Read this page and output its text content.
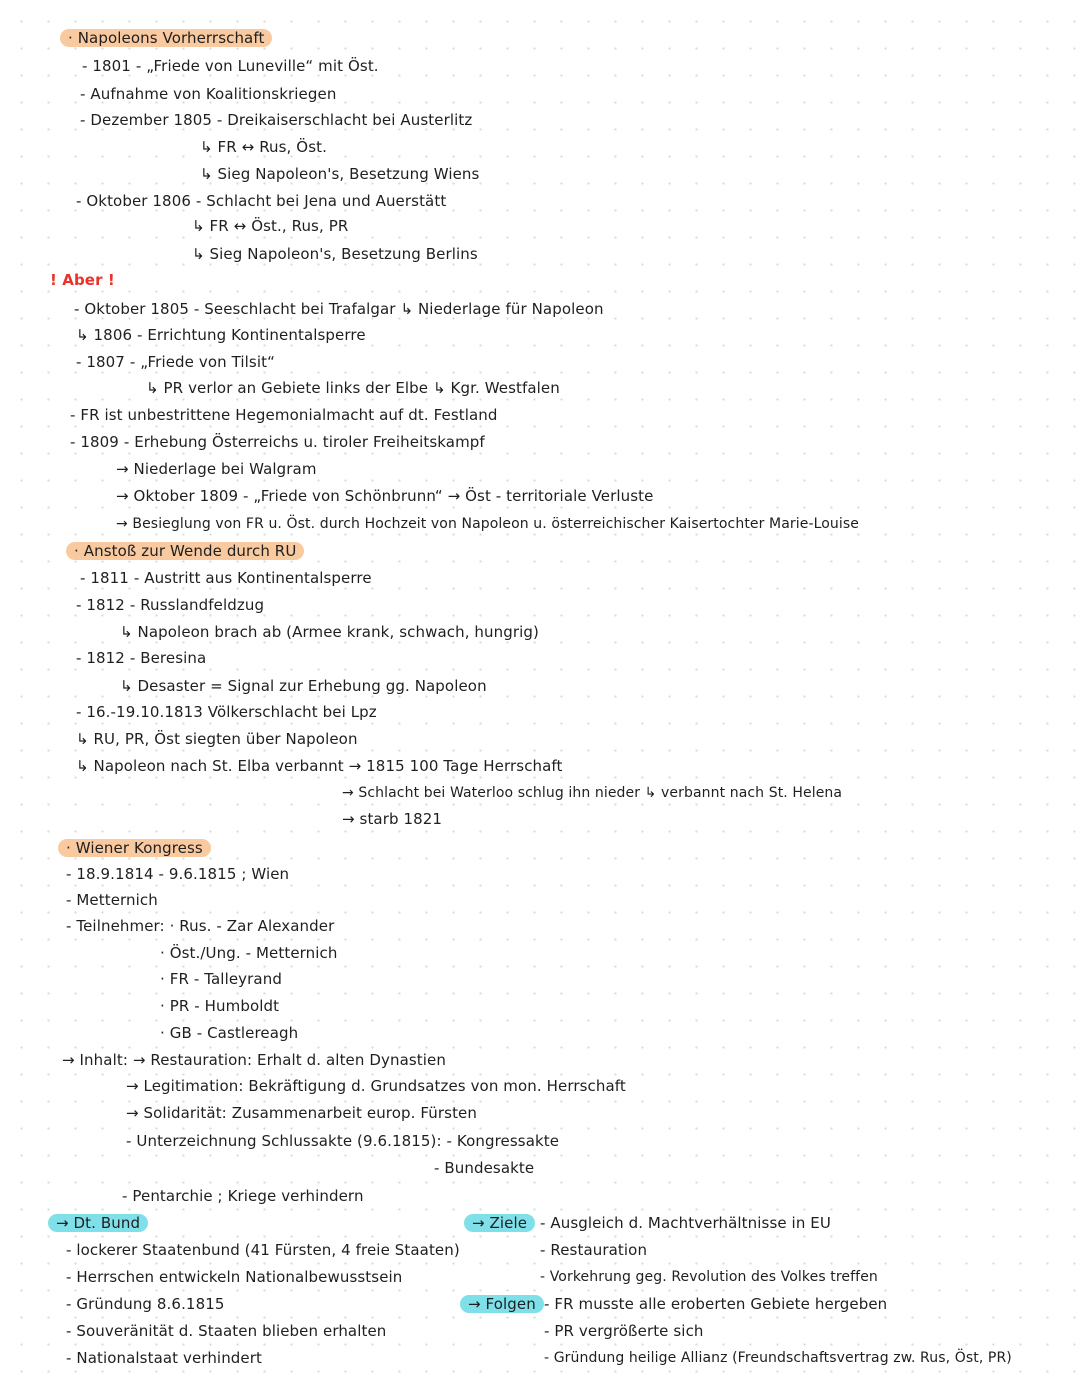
· Napoleons Vorherrschaft
- 1801 - „Friede von Luneville“ mit Öst.
- Aufnahme von Koalitionskriegen
- Dezember 1805 - Dreikaiserschlacht bei Austerlitz
↳ FR ↔ Rus, Öst.
↳ Sieg Napoleon's, Besetzung Wiens
- Oktober 1806 - Schlacht bei Jena und Auerstätt
↳ FR ↔ Öst., Rus, PR
↳ Sieg Napoleon's, Besetzung Berlins
! Aber !
- Oktober 1805 - Seeschlacht bei Trafalgar ↳ Niederlage für Napoleon
↳ 1806 - Errichtung Kontinentalsperre
- 1807 - „Friede von Tilsit“
↳ PR verlor an Gebiete links der Elbe ↳ Kgr. Westfalen
- FR ist unbestrittene Hegemonialmacht auf dt. Festland
- 1809 - Erhebung Österreichs u. tiroler Freiheitskampf
→ Niederlage bei Walgram
→ Oktober 1809 - „Friede von Schönbrunn“ → Öst - territoriale Verluste
→ Besieglung von FR u. Öst. durch Hochzeit von Napoleon u. österreichischer Kaisertochter Marie-Louise
· Anstoß zur Wende durch RU
- 1811 - Austritt aus Kontinentalsperre
- 1812 - Russlandfeldzug
↳ Napoleon brach ab (Armee krank, schwach, hungrig)
- 1812 - Beresina
↳ Desaster = Signal zur Erhebung gg. Napoleon
- 16.-19.10.1813 Völkerschlacht bei Lpz
↳ RU, PR, Öst siegten über Napoleon
↳ Napoleon nach St. Elba verbannt → 1815 100 Tage Herrschaft
→ Schlacht bei Waterloo schlug ihn nieder ↳ verbannt nach St. Helena
→ starb 1821
· Wiener Kongress
- 18.9.1814 - 9.6.1815 ; Wien
- Metternich
- Teilnehmer: · Rus. - Zar Alexander
· Öst./Ung. - Metternich
· FR - Talleyrand
· PR - Humboldt
· GB - Castlereagh
→ Inhalt: → Restauration: Erhalt d. alten Dynastien
→ Legitimation: Bekräftigung d. Grundsatzes von mon. Herrschaft
→ Solidarität: Zusammenarbeit europ. Fürsten
- Unterzeichnung Schlussakte (9.6.1815): - Kongressakte
- Bundesakte
- Pentarchie ; Kriege verhindern
→ Dt. Bund
- lockerer Staatenbund (41 Fürsten, 4 freie Staaten)
- Herrschen entwickeln Nationalbewusstsein
- Gründung 8.6.1815
- Souveränität d. Staaten blieben erhalten
- Nationalstaat verhindert
→ Ziele - Ausgleich d. Machtverhältnisse in EU
- Restauration
- Vorkehrung geg. Revolution des Volkes treffen
→ Folgen - FR musste alle eroberten Gebiete hergeben
- PR vergrößerte sich
- Gründung heilige Allianz (Freundschaftsvertrag zw. Rus, Öst, PR)
